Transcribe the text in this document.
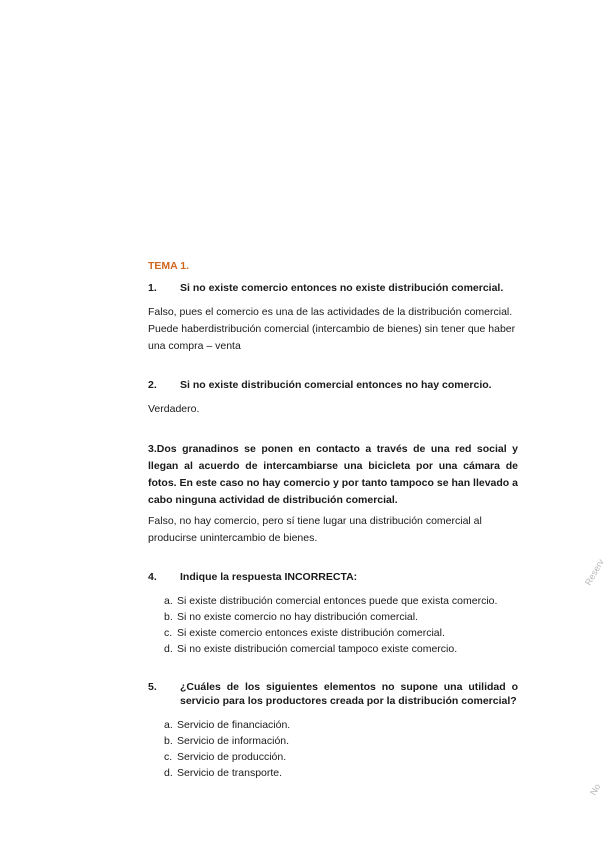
TEMA 1.

1.	Si no existe comercio entonces no existe distribución comercial.

Falso, pues el comercio es una de las actividades de la distribución comercial. Puede haberdistribución comercial (intercambio de bienes) sin tener que haber una compra – venta

2.	Si no existe distribución comercial entonces no hay comercio.

Verdadero.

3.Dos granadinos se ponen en contacto a través de una red social y llegan al acuerdo de intercambiarse una bicicleta por una cámara de fotos. En este caso no hay comercio y por tanto tampoco se han llevado a cabo ninguna actividad de distribución comercial.

Falso, no hay comercio, pero sí tiene lugar una distribución comercial al producirse unintercambio de bienes.

4.	Indique la respuesta INCORRECTA:
a. Si existe distribución comercial entonces puede que exista comercio.
b. Si no existe comercio no hay distribución comercial.
c. Si existe comercio entonces existe distribución comercial.
d. Si no existe distribución comercial tampoco existe comercio.
5.	¿Cuáles de los siguientes elementos no supone una utilidad o servicio para los productores creada por la distribución comercial?
a. Servicio de financiación.
b. Servicio de información.
c. Servicio de producción.
d. Servicio de transporte.
Reserv
No
